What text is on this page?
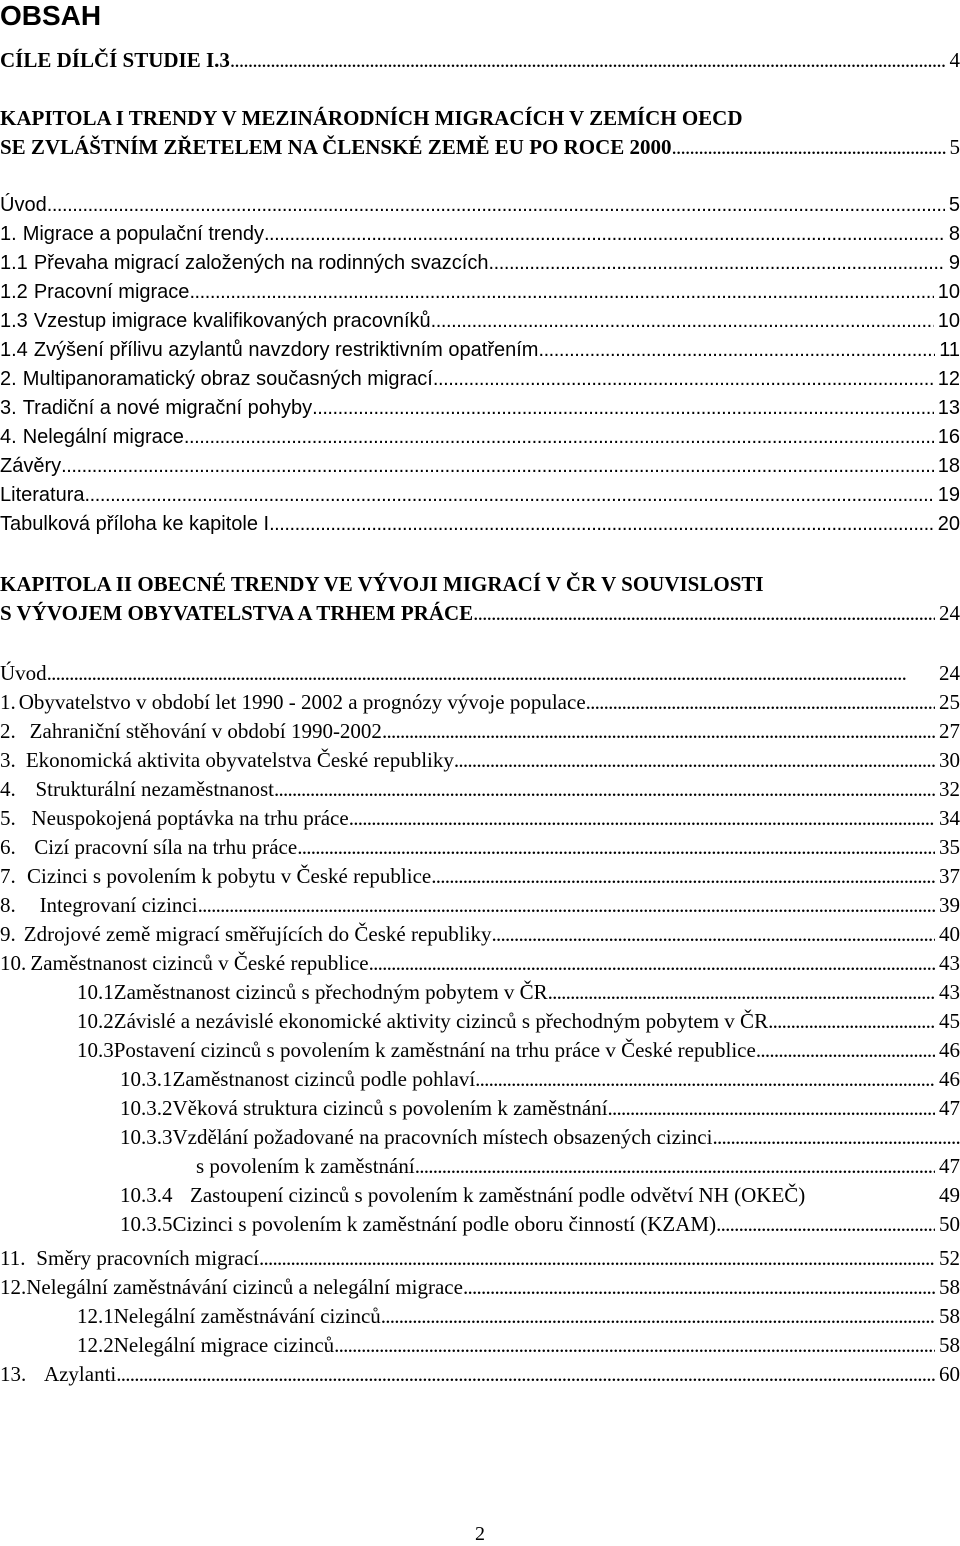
OBSAH
CÍLE DÍLČÍ STUDIE I.3 . . .	4
KAPITOLA I TRENDY V MEZINÁRODNÍCH MIGRACÍCH V ZEMÍCH OECD
SE ZVLÁŠTNÍM ZŘETELEM NA ČLENSKÉ ZEMĚ EU PO ROCE 2000 . . .	5
Úvod . . .	5
1. Migrace a populační trendy . . .	8
1.1 Převaha migrací založených na rodinných svazcích . . .	9
1.2 Pracovní migrace . . .	10
1.3 Vzestup imigrace kvalifikovaných pracovníků . . .	10
1.4 Zvýšení přílivu azylantů navzdory restriktivním opatřením . . .	11
2. Multipanoramatický obraz současných migrací . . .	12
3. Tradiční a nové migrační pohyby . . .	13
4. Nelegální migrace . . .	16
Závěry . . .	18
Literatura . . .	19
Tabulková příloha ke kapitole I . . .	20
KAPITOLA II OBECNÉ TRENDY VE VÝVOJI MIGRACÍ V ČR V SOUVISLOSTI
S VÝVOJEM OBYVATELSTVA A TRHEM PRÁCE . . .	24
Úvod . . .	24
1. Obyvatelstvo v období let 1990 - 2002 a prognózy vývoje populace . . .	25
2. Zahraniční stěhování v období 1990-2002 . . .	27
3. Ekonomická aktivita obyvatelstva České republiky . . .	30
4. Strukturální nezaměstnanost . . .	32
5. Neuspokojená poptávka na trhu práce . . .	34
6. Cizí pracovní síla na trhu práce . . .	35
7. Cizinci s povolením k pobytu v České republice . . .	37
8.	Integrovaní cizinci . . .	39
9. Zdrojové země migrací směřujících do České republiky . . .	40
10. Zaměstnanost cizinců v České republice . . .	43
10.1 Zaměstnanost cizinců s přechodným pobytem v ČR . . .	43
10.2 Závislé a nezávislé ekonomické aktivity cizinců s přechodným pobytem v ČR . . .	45
10.3 Postavení cizinců s povolením k zaměstnání na trhu práce v České republice . . .	46
10.3.1 Zaměstnanost cizinců podle pohlaví . . .	46
10.3.2 Věková struktura cizinců s povolením k zaměstnání . . .	47
10.3.3 Vzdělání požadované na pracovních místech obsazených cizinci
. . .
s povolením k zaměstnání . . .	47
10.3.4 Zastoupení cizinců s povolením k zaměstnání podle odvětví NH (OKEČ)	49
10.3.5 Cizinci s povolením k zaměstnání podle oboru činností (KZAM) . . .	50
11. Směry pracovních migrací . . .	52
12. Nelegální zaměstnávání cizinců a nelegální migrace . . .	58
12.1 Nelegální zaměstnávání cizinců . . .	58
12.2 Nelegální migrace cizinců . . .	58
13. Azylanti . . .	60
2
